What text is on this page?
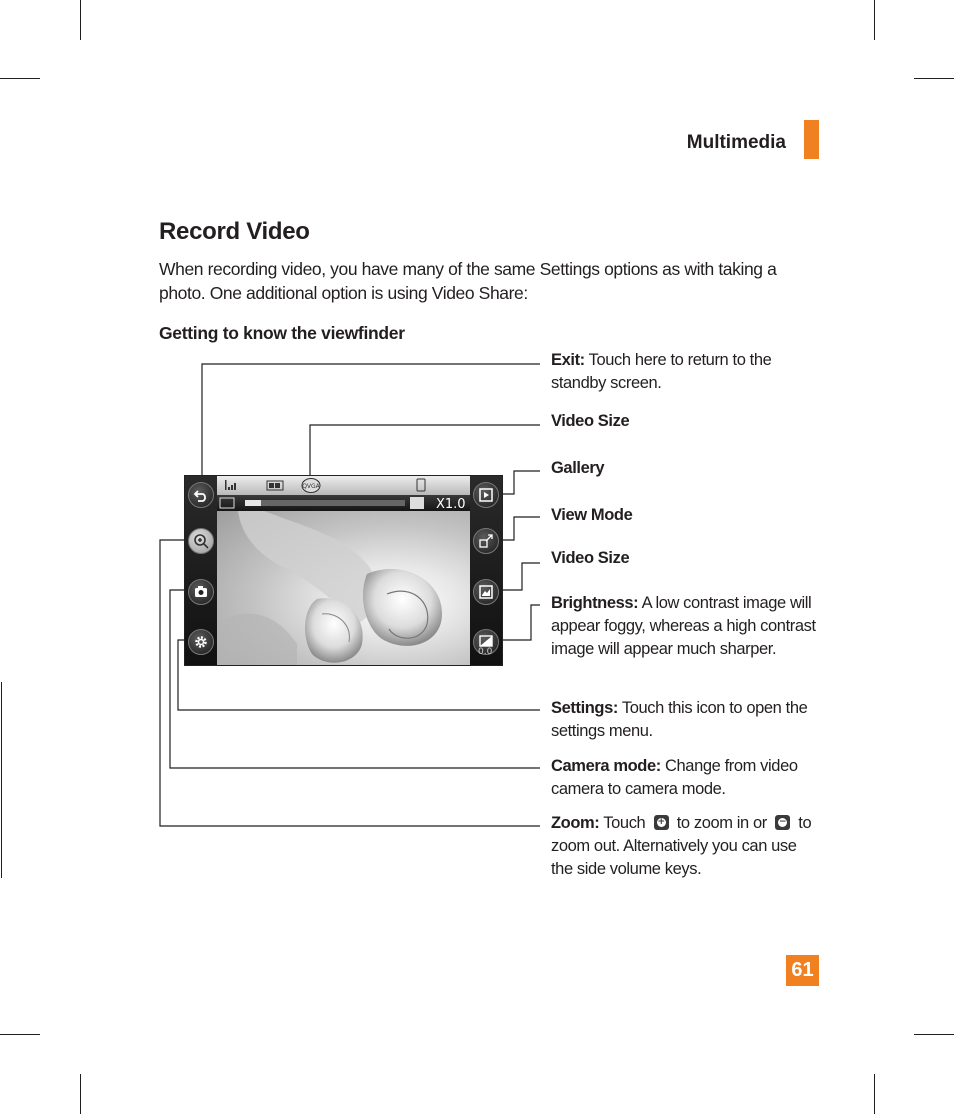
Multimedia
Record Video
When recording video, you have many of the same Settings options as with taking a photo. One additional option is using Video Share:
Getting to know the viewfinder
QVGA
X1.0
0.0
Exit: Touch here to return to the standby screen.
Video Size
Gallery
View Mode
Video Size
Brightness: A low contrast image will appear foggy, whereas a high contrast image will appear much sharper.
Settings: Touch this icon to open the settings menu.
Camera mode: Change from video camera to camera mode.
Zoom: Touch + to zoom in or − to zoom out. Alternatively you can use the side volume keys.
61
